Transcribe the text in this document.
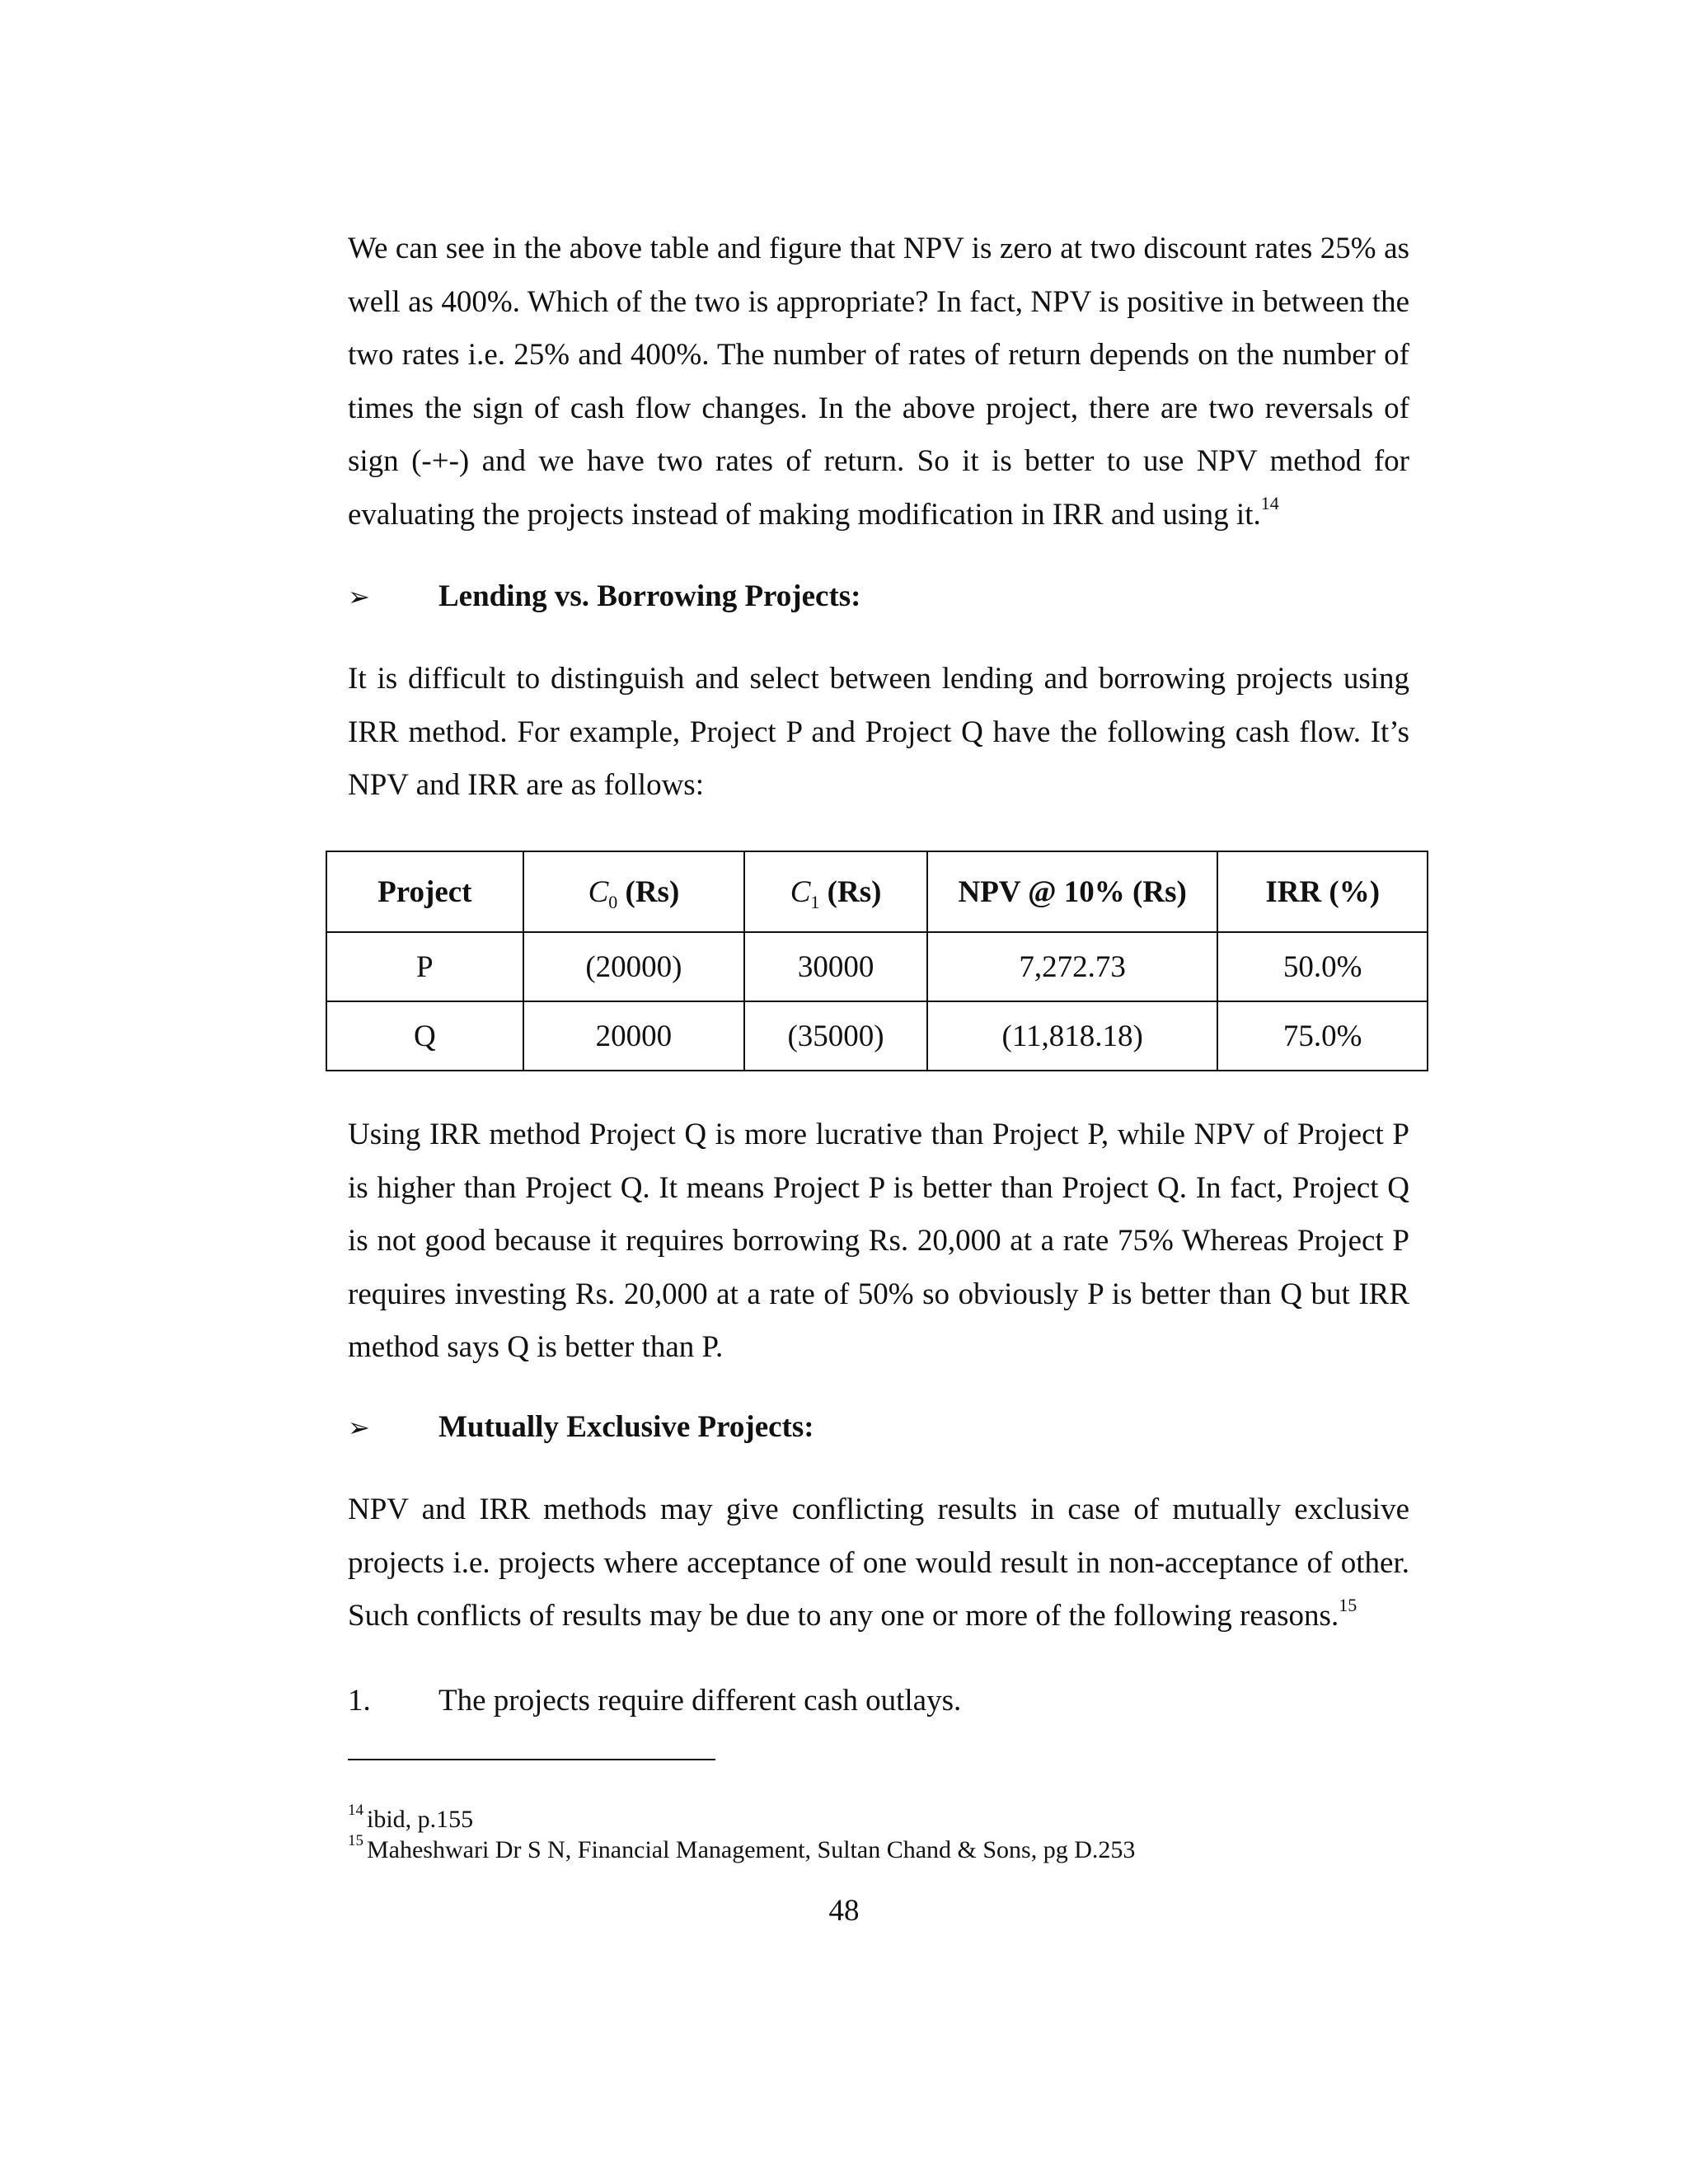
We can see in the above table and figure that NPV is zero at two discount rates 25% as well as 400%. Which of the two is appropriate? In fact, NPV is positive in between the two rates i.e. 25% and 400%. The number of rates of return depends on the number of times the sign of cash flow changes. In the above project, there are two reversals of sign (-+-) and we have two rates of return. So it is better to use NPV method for evaluating the projects instead of making modification in IRR and using it.$^{14}$

➢	Lending vs. Borrowing Projects:

It is difficult to distinguish and select between lending and borrowing projects using IRR method. For example, Project P and Project Q have the following cash flow. It’s NPV and IRR are as follows:

Project	$C_0$ (Rs)	$C_1$ (Rs)	NPV @ 10% (Rs)	IRR (%)
P	(20000)	30000	7,272.73	50.0%
Q	20000	(35000)	(11,818.18)	75.0%

Using IRR method Project Q is more lucrative than Project P, while NPV of Project P is higher than Project Q. It means Project P is better than Project Q. In fact, Project Q is not good because it requires borrowing Rs. 20,000 at a rate 75% Whereas Project P requires investing Rs. 20,000 at a rate of 50% so obviously P is better than Q but IRR method says Q is better than P.

➢	Mutually Exclusive Projects:

NPV and IRR methods may give conflicting results in case of mutually exclusive projects i.e. projects where acceptance of one would result in non-acceptance of other. Such conflicts of results may be due to any one or more of the following reasons.$^{15}$

1. The projects require different cash outlays.
$^{14}$ ibid, p.155
$^{15}$ Maheshwari Dr S N, Financial Management, Sultan Chand & Sons, pg D.253
48
